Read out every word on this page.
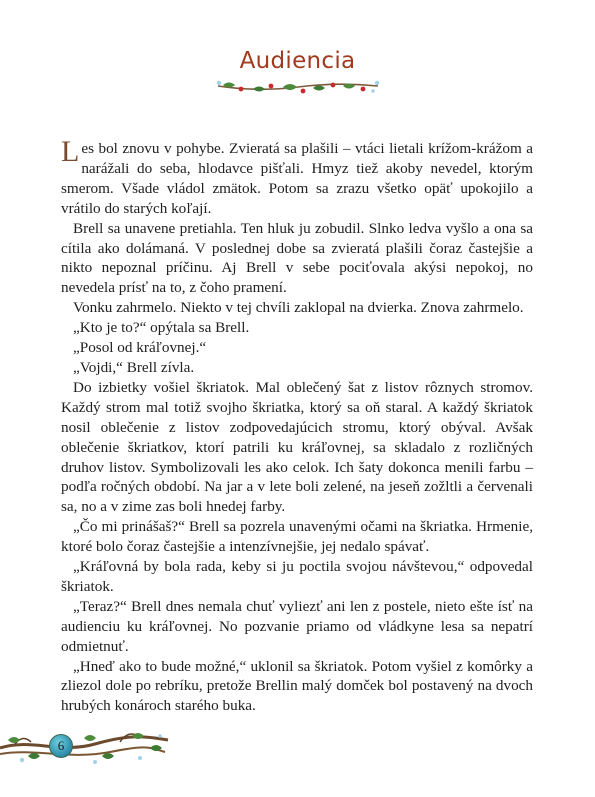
Audiencia

Les bol znovu v pohybe. Zvieratá sa plašili – vtáci lietali krížom-krážom a narážali do seba, hlodavce pišťali. Hmyz tiež akoby nevedel, ktorým smerom. Všade vládol zmätok. Potom sa zrazu všetko opäť upokojilo a vrátilo do starých koľají.

Brell sa unavene pretiahla. Ten hluk ju zobudil. Slnko ledva vyšlo a ona sa cítila ako dolámaná. V poslednej dobe sa zvieratá plašili čoraz častejšie a nikto nepoznal príčinu. Aj Brell v sebe pociťovala akýsi nepokoj, no nevedela prísť na to, z čoho pramení.

Vonku zahrmelo. Niekto v tej chvíli zaklopal na dvierka. Znova zahrmelo.

„Kto je to?“ opýtala sa Brell.

„Posol od kráľovnej.“

„Vojdi,“ Brell zívla.

Do izbietky vošiel škriatok. Mal oblečený šat z listov rôznych stromov. Každý strom mal totiž svojho škriatka, ktorý sa oň staral. A každý škriatok nosil oblečenie z listov zodpovedajúcich stromu, ktorý obýval. Avšak oblečenie škriatkov, ktorí patrili ku kráľovnej, sa skladalo z rozličných druhov listov. Symbolizovali les ako celok. Ich šaty dokonca menili farbu – podľa ročných období. Na jar a v lete boli zelené, na jeseň zožltli a červenali sa, no a v zime zas boli hnedej farby.

„Čo mi prinášaš?“ Brell sa pozrela unavenými očami na škriatka. Hrmenie, ktoré bolo čoraz častejšie a intenzívnejšie, jej nedalo spávať.

„Kráľovná by bola rada, keby si ju poctila svojou návštevou,“ odpovedal škriatok.

„Teraz?“ Brell dnes nemala chuť vyliezť ani len z postele, nieto ešte ísť na audienciu ku kráľovnej. No pozvanie priamo od vládkyne lesa sa nepatrí odmietnuť.

„Hneď ako to bude možné,“ uklonil sa škriatok. Potom vyšiel z komôrky a zliezol dole po rebríku, pretože Brellin malý domček bol postavený na dvoch hrubých konároch starého buka.

6
